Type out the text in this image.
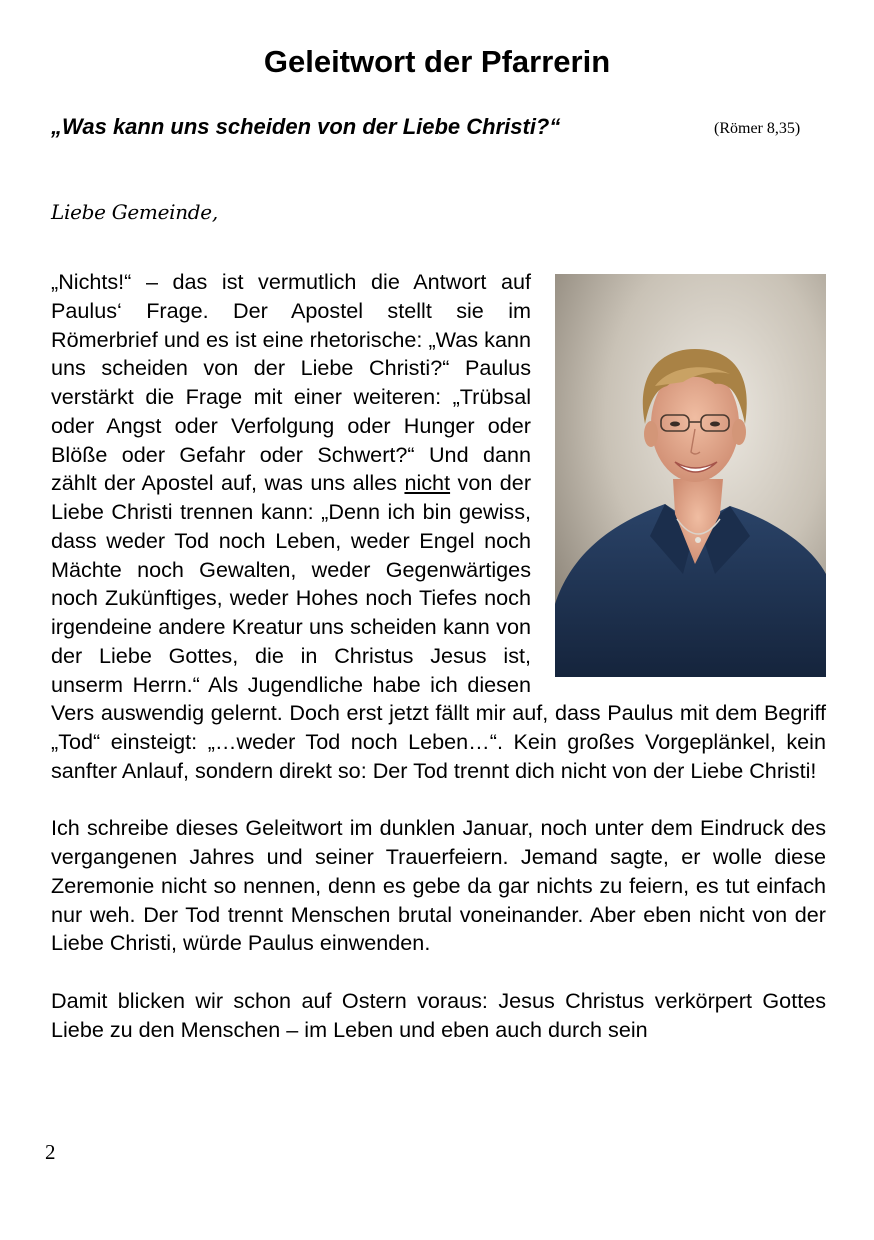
Geleitwort der Pfarrerin
„Was kann uns scheiden von der Liebe Christi?“	(Römer 8,35)
Liebe Gemeinde,

„Nichts!“ – das ist vermutlich die Antwort auf Paulus‘ Frage. Der Apostel stellt sie im Römerbrief und es ist eine rhetorische: „Was kann uns scheiden von der Liebe Christi?“ Paulus verstärkt die Frage mit einer weiteren: „Trübsal oder Angst oder Verfolgung oder Hunger oder Blöße oder Gefahr oder Schwert?“ Und dann zählt der Apostel auf, was uns alles nicht von der Liebe Christi trennen kann: „Denn ich bin gewiss, dass weder Tod noch Leben, weder Engel noch Mächte noch Gewalten, weder Gegenwärtiges noch Zukünftiges, weder Hohes noch Tiefes noch irgendeine andere Kreatur uns scheiden kann von der Liebe Gottes, die in Christus Jesus ist, unserm Herrn.“ Als Jugendliche habe ich diesen Vers auswendig gelernt. Doch erst jetzt fällt mir auf, dass Paulus mit dem Begriff „Tod“ einsteigt: „…weder Tod noch Leben…“. Kein großes Vorgeplänkel, kein sanfter Anlauf, sondern direkt so: Der Tod trennt dich nicht von der Liebe Christi!

Ich schreibe dieses Geleitwort im dunklen Januar, noch unter dem Eindruck des vergangenen Jahres und seiner Trauerfeiern. Jemand sagte, er wolle diese Zeremonie nicht so nennen, denn es gebe da gar nichts zu feiern, es tut einfach nur weh. Der Tod trennt Menschen brutal voneinander. Aber eben nicht von der Liebe Christi, würde Paulus einwenden.

Damit blicken wir schon auf Ostern voraus: Jesus Christus verkörpert Gottes Liebe zu den Menschen – im Leben und eben auch durch sein

2
